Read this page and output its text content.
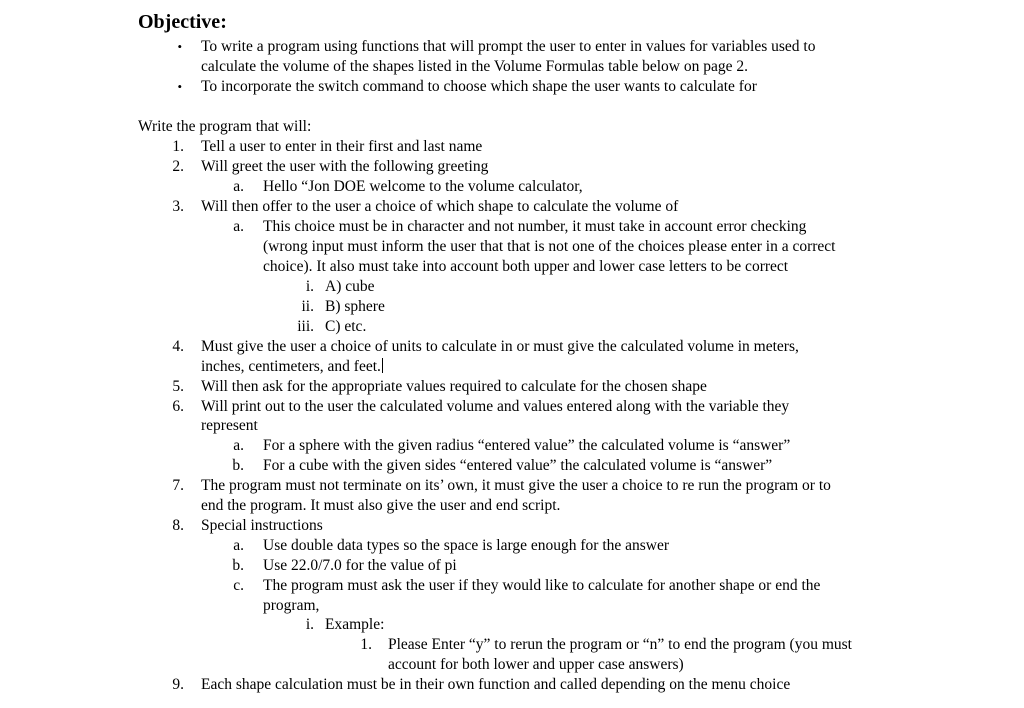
Objective:
• To write a program using functions that will prompt the user to enter in values for variables used to
calculate the volume of the shapes listed in the Volume Formulas table below on page 2.
• To incorporate the switch command to choose which shape the user wants to calculate for
Write the program that will:
1. Tell a user to enter in their first and last name
2. Will greet the user with the following greeting
a. Hello “Jon DOE welcome to the volume calculator,
3. Will then offer to the user a choice of which shape to calculate the volume of
a. This choice must be in character and not number, it must take in account error checking
(wrong input must inform the user that that is not one of the choices please enter in a correct
choice). It also must take into account both upper and lower case letters to be correct
i. A) cube
ii. B) sphere
iii. C) etc.
4. Must give the user a choice of units to calculate in or must give the calculated volume in meters,
inches, centimeters, and feet.
5. Will then ask for the appropriate values required to calculate for the chosen shape
6. Will print out to the user the calculated volume and values entered along with the variable they
represent
a. For a sphere with the given radius “entered value” the calculated volume is “answer”
b. For a cube with the given sides “entered value” the calculated volume is “answer”
7. The program must not terminate on its’ own, it must give the user a choice to re run the program or to
end the program. It must also give the user and end script.
8. Special instructions
a. Use double data types so the space is large enough for the answer
b. Use 22.0/7.0 for the value of pi
c. The program must ask the user if they would like to calculate for another shape or end the
program,
i. Example:
1. Please Enter “y” to rerun the program or “n” to end the program (you must
account for both lower and upper case answers)
9. Each shape calculation must be in their own function and called depending on the menu choice
